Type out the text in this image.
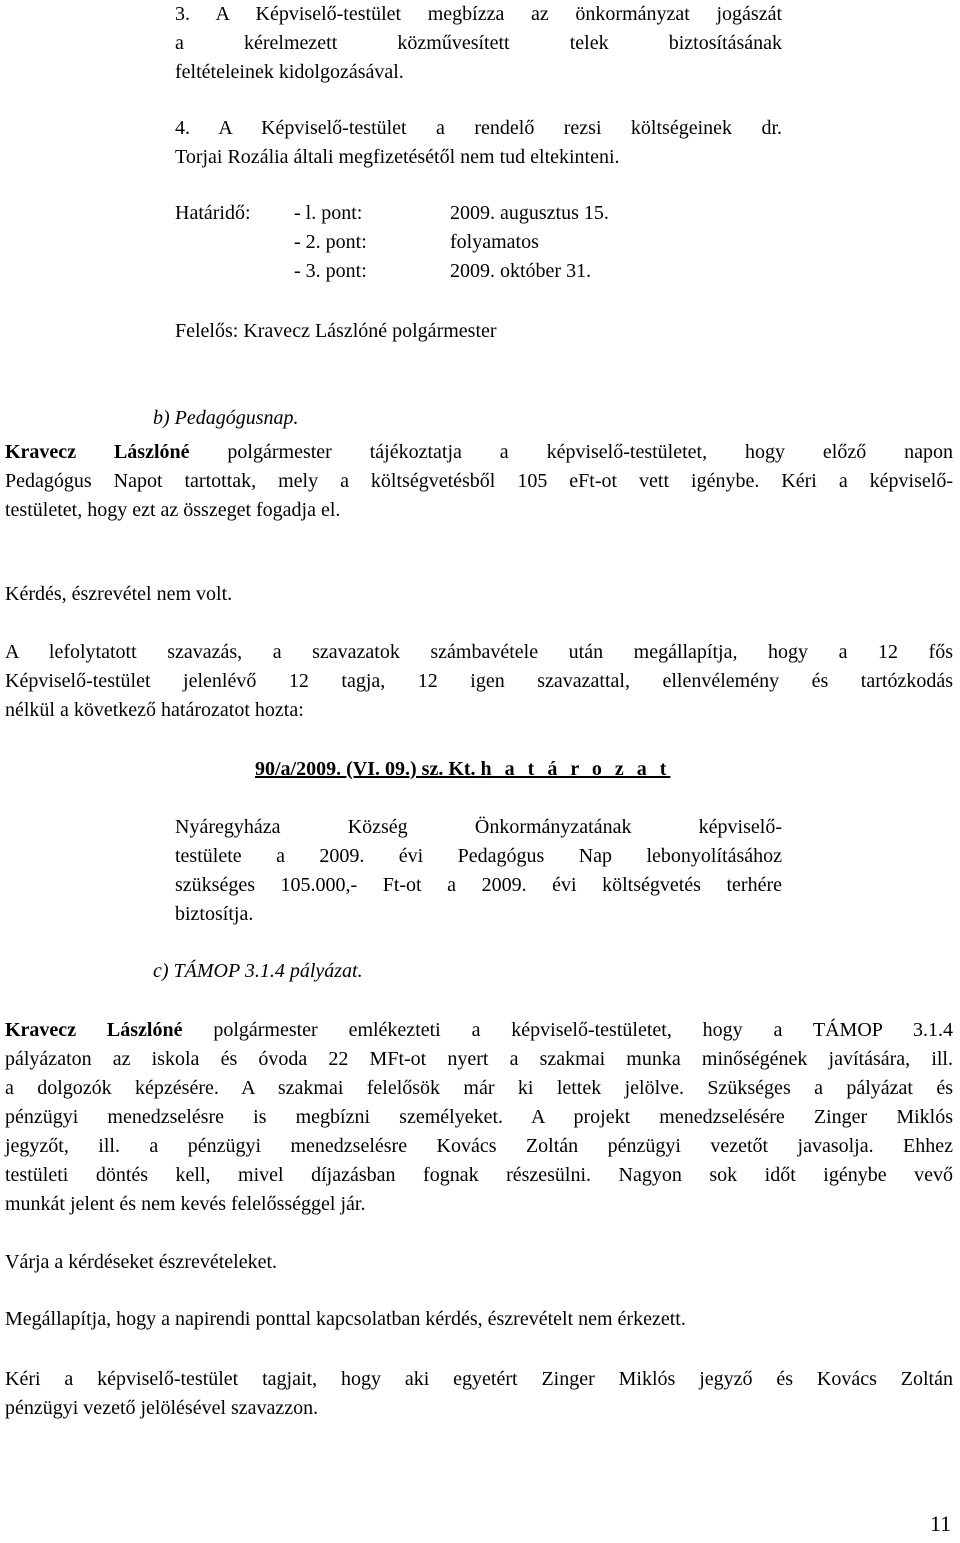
3. A Képviselő-testület megbízza az önkormányzat jogászát
a kérelmezett közművesített telek biztosításának
feltételeinek kidolgozásával.
4. A Képviselő-testület a rendelő rezsi költségeinek dr.
Torjai Rozália általi megfizetésétől nem tud eltekinteni.
Határidő: - l. pont:	2009. augusztus 15.
- 2. pont:	folyamatos
- 3. pont:	2009. október 31.
Felelős: Kravecz Lászlóné polgármester
b) Pedagógusnap.
Kravecz Lászlóné polgármester tájékoztatja a képviselő-testületet, hogy előző napon
Pedagógus Napot tartottak, mely a költségvetésből 105 eFt-ot vett igénybe. Kéri a képviselő-
testületet, hogy ezt az összeget fogadja el.
Kérdés, észrevétel nem volt.
A lefolytatott szavazás, a szavazatok számbavétele után megállapítja, hogy a 12 fős
Képviselő-testület jelenlévő 12 tagja, 12 igen szavazattal, ellenvélemény és tartózkodás
nélkül a következő határozatot hozta:
90/a/2009. (VI. 09.) sz. Kt. h a t á r o z a t
Nyáregyháza Község Önkormányzatának képviselő-
testülete a 2009. évi Pedagógus Nap lebonyolításához
szükséges 105.000,- Ft-ot a 2009. évi költségvetés terhére
biztosítja.
c) TÁMOP 3.1.4 pályázat.
Kravecz Lászlóné polgármester emlékezteti a képviselő-testületet, hogy a TÁMOP 3.1.4
pályázaton az iskola és óvoda 22 MFt-ot nyert a szakmai munka minőségének javítására, ill.
a dolgozók képzésére. A szakmai felelősök már ki lettek jelölve. Szükséges a pályázat és
pénzügyi menedzselésre is megbízni személyeket. A projekt menedzselésére Zinger Miklós
jegyzőt, ill. a pénzügyi menedzselésre Kovács Zoltán pénzügyi vezetőt javasolja. Ehhez
testületi döntés kell, mivel díjazásban fognak részesülni. Nagyon sok időt igénybe vevő
munkát jelent és nem kevés felelősséggel jár.
Várja a kérdéseket észrevételeket.
Megállapítja, hogy a napirendi ponttal kapcsolatban kérdés, észrevételt nem érkezett.
Kéri a képviselő-testület tagjait, hogy aki egyetért Zinger Miklós jegyző és Kovács Zoltán
pénzügyi vezető jelölésével szavazzon.
11
